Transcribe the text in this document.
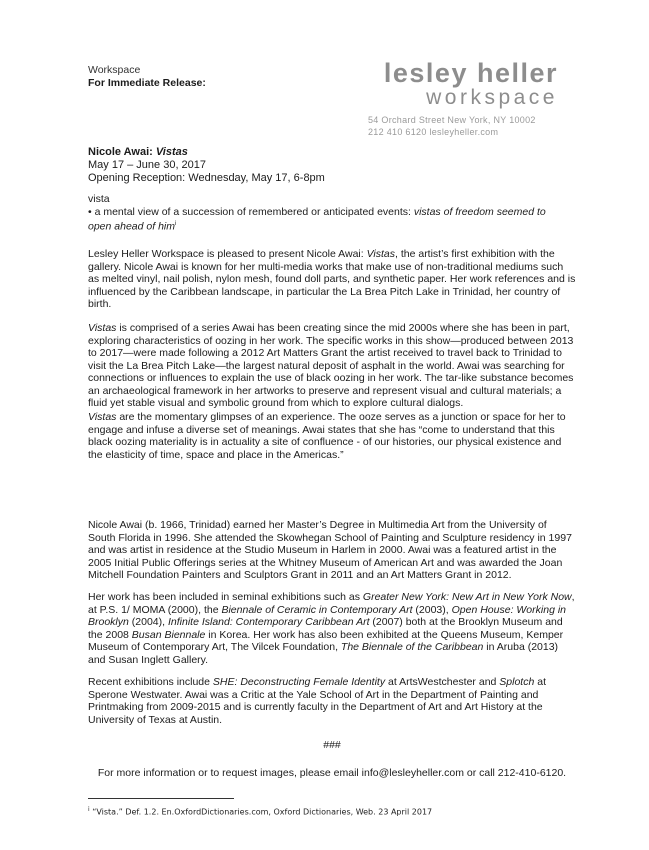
Workspace
For Immediate Release:	lesley heller
workspace
54 Orchard Street New York, NY 10002
212 410 6120 lesleyheller.com
Nicole Awai: Vistas
May 17 – June 30, 2017
Opening Reception: Wednesday, May 17, 6-8pm
vista
• a mental view of a succession of remembered or anticipated events: vistas of freedom seemed to open ahead of him$^i$

Lesley Heller Workspace is pleased to present Nicole Awai: Vistas, the artist’s first exhibition with the gallery. Nicole Awai is known for her multi-media works that make use of non-traditional mediums such as melted vinyl, nail polish, nylon mesh, found doll parts, and synthetic paper. Her work references and is influenced by the Caribbean landscape, in particular the La Brea Pitch Lake in Trinidad, her country of birth.

Vistas is comprised of a series Awai has been creating since the mid 2000s where she has been in part, exploring characteristics of oozing in her work. The specific works in this show—produced between 2013 to 2017—were made following a 2012 Art Matters Grant the artist received to travel back to Trinidad to visit the La Brea Pitch Lake—the largest natural deposit of asphalt in the world. Awai was searching for connections or influences to explain the use of black oozing in her work. The tar-like substance becomes an archaeological framework in her artworks to preserve and represent visual and cultural materials; a fluid yet stable visual and symbolic ground from which to explore cultural dialogs.

Vistas are the momentary glimpses of an experience. The ooze serves as a junction or space for her to engage and infuse a diverse set of meanings. Awai states that she has “come to understand that this black oozing materiality is in actuality a site of confluence - of our histories, our physical existence and the elasticity of time, space and place in the Americas.”

Nicole Awai (b. 1966, Trinidad) earned her Master’s Degree in Multimedia Art from the University of South Florida in 1996. She attended the Skowhegan School of Painting and Sculpture residency in 1997 and was artist in residence at the Studio Museum in Harlem in 2000. Awai was a featured artist in the 2005 Initial Public Offerings series at the Whitney Museum of American Art and was awarded the Joan Mitchell Foundation Painters and Sculptors Grant in 2011 and an Art Matters Grant in 2012.

Her work has been included in seminal exhibitions such as Greater New York: New Art in New York Now, at P.S. 1/ MOMA (2000), the Biennale of Ceramic in Contemporary Art (2003), Open House: Working in Brooklyn (2004), Infinite Island: Contemporary Caribbean Art (2007) both at the Brooklyn Museum and the 2008 Busan Biennale in Korea. Her work has also been exhibited at the Queens Museum, Kemper Museum of Contemporary Art, The Vilcek Foundation, The Biennale of the Caribbean in Aruba (2013) and Susan Inglett Gallery.

Recent exhibitions include SHE: Deconstructing Female Identity at ArtsWestchester and Splotch at Sperone Westwater. Awai was a Critic at the Yale School of Art in the Department of Painting and Printmaking from 2009-2015 and is currently faculty in the Department of Art and Art History at the University of Texas at Austin.

###
For more information or to request images, please email info@lesleyheller.com or call 212-410-6120.
$^i$ “Vista.” Def. 1.2. En.OxfordDictionaries.com, Oxford Dictionaries, Web. 23 April 2017
